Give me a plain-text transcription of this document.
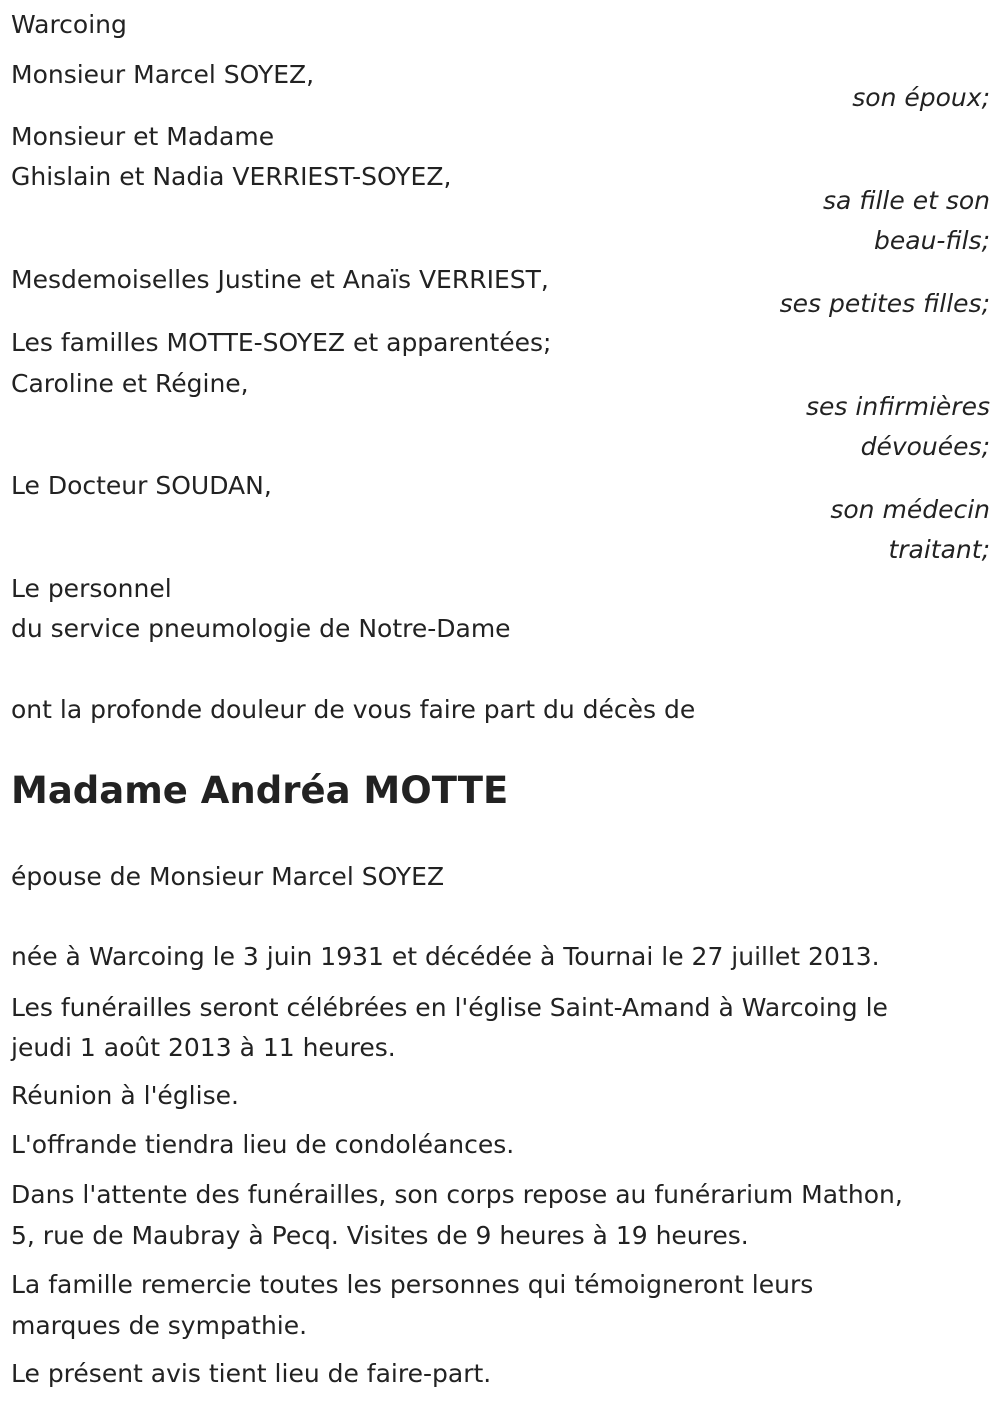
Warcoing
Monsieur Marcel SOYEZ,
son époux;
Monsieur et Madame
Ghislain et Nadia VERRIEST-SOYEZ,
sa fille et son
beau-fils;
Mesdemoiselles Justine et Anaïs VERRIEST,
ses petites filles;
Les familles MOTTE-SOYEZ et apparentées;
Caroline et Régine,
ses infirmières
dévouées;
Le Docteur SOUDAN,
son médecin
traitant;
Le personnel
du service pneumologie de Notre-Dame
ont la profonde douleur de vous faire part du décès de
Madame Andréa MOTTE
épouse de Monsieur Marcel SOYEZ
née à Warcoing le 3 juin 1931 et décédée à Tournai le 27 juillet 2013.
Les funérailles seront célébrées en l'église Saint-Amand à Warcoing le
jeudi 1 août 2013 à 11 heures.
Réunion à l'église.
L'offrande tiendra lieu de condoléances.
Dans l'attente des funérailles, son corps repose au funérarium Mathon,
5, rue de Maubray à Pecq. Visites de 9 heures à 19 heures.
La famille remercie toutes les personnes qui témoigneront leurs
marques de sympathie.
Le présent avis tient lieu de faire-part.
